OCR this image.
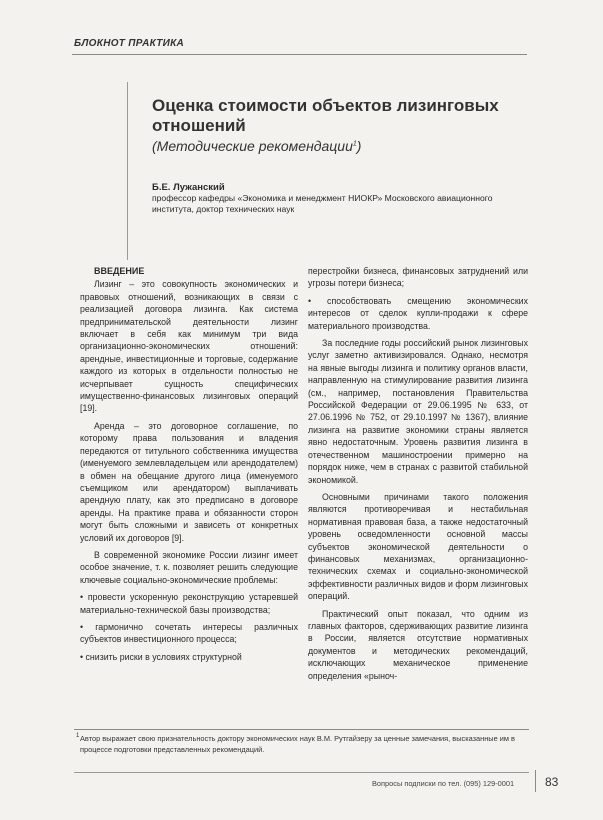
БЛОКНОТ ПРАКТИКА
Оценка стоимости объектов лизинговых отношений
(Методические рекомендации$^1$)
Б.Е. Лужанский
профессор кафедры «Экономика и менеджмент НИОКР» Московского авиационного института, доктор технических наук
ВВЕДЕНИЕ

Лизинг – это совокупность экономических и правовых отношений, возникающих в связи с реализацией договора лизинга. Как система предпринимательской деятельности лизинг включает в себя как минимум три вида организационно-экономических отношений: арендные, инвестиционные и торговые, содержание каждого из которых в отдельности полностью не исчерпывает сущность специфических имущественно-финансовых лизинговых операций [19].

Аренда – это договорное соглашение, по которому права пользования и владения передаются от титульного собственника имущества (именуемого землевладельцем или арендодателем) в обмен на обещание другого лица (именуемого съемщиком или арендатором) выплачивать арендную плату, как это предписано в договоре аренды. На практике права и обязанности сторон могут быть сложными и зависеть от конкретных условий их договоров [9].

В современной экономике России лизинг имеет особое значение, т. к. позволяет решить следующие ключевые социально-экономические проблемы:

• провести ускоренную реконструкцию устаревшей материально-технической базы производства;

• гармонично сочетать интересы различных субъектов инвестиционного процесса;

• снизить риски в условиях структурной

перестройки бизнеса, финансовых затруднений или угрозы потери бизнеса;

• способствовать смещению экономических интересов от сделок купли-продажи к сфере материального производства.

За последние годы российский рынок лизинговых услуг заметно активизировался. Однако, несмотря на явные выгоды лизинга и политику органов власти, направленную на стимулирование развития лизинга (см., например, постановления Правительства Российской Федерации от 29.06.1995 № 633, от 27.06.1996 № 752, от 29.10.1997 № 1367), влияние лизинга на развитие экономики страны является явно недостаточным. Уровень развития лизинга в отечественном машиностроении примерно на порядок ниже, чем в странах с развитой стабильной экономикой.

Основными причинами такого положения являются противоречивая и нестабильная нормативная правовая база, а также недостаточный уровень осведомленности основной массы субъектов экономической деятельности о финансовых механизмах, организационно-технических схемах и социально-экономической эффективности различных видов и форм лизинговых операций.

Практический опыт показал, что одним из главных факторов, сдерживающих развитие лизинга в России, является отсутствие нормативных документов и методических рекомендаций, исключающих механическое применение определения «рыноч-

1 Автор выражает свою признательность доктору экономических наук В.М. Рутгайзеру за ценные замечания, высказанные им в процессе подготовки представленных рекомендаций.
Вопросы подписки по тел. (095) 129-0001	83
